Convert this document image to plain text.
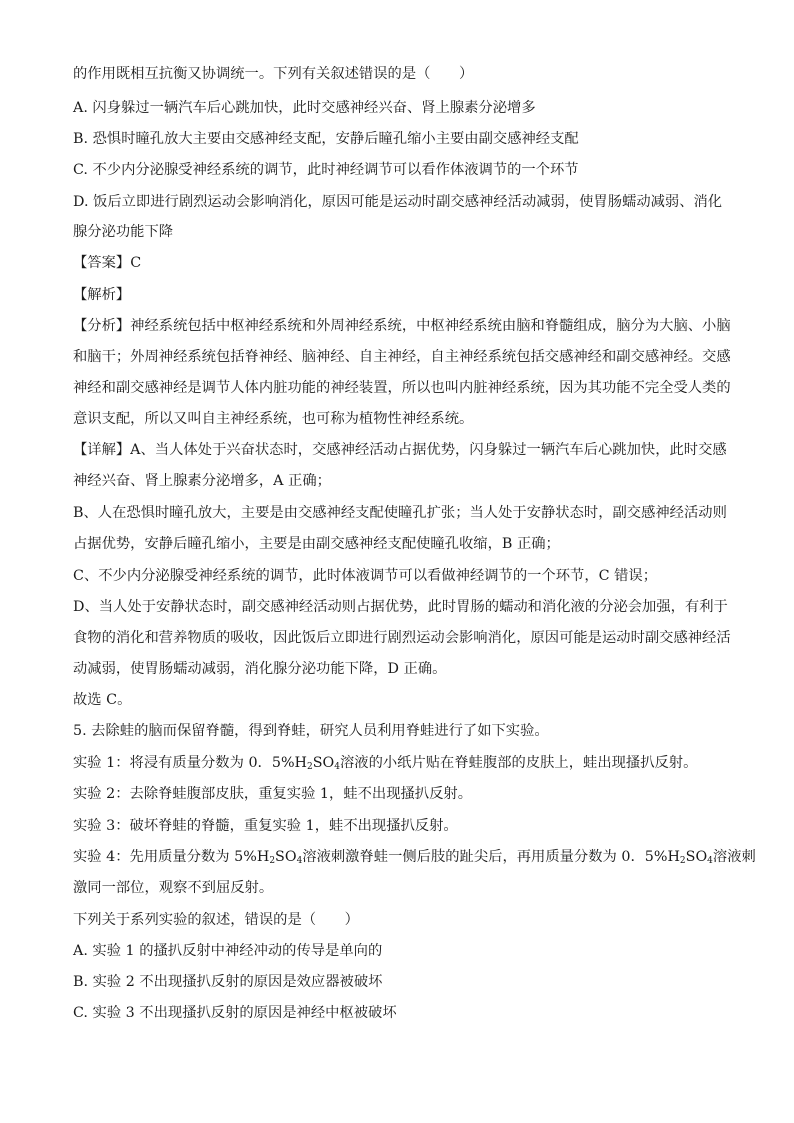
的作用既相互抗衡又协调统一。下列有关叙述错误的是（　　）
A. 闪身躲过一辆汽车后心跳加快，此时交感神经兴奋、肾上腺素分泌增多
B. 恐惧时瞳孔放大主要由交感神经支配，安静后瞳孔缩小主要由副交感神经支配
C. 不少内分泌腺受神经系统的调节，此时神经调节可以看作体液调节的一个环节
D. 饭后立即进行剧烈运动会影响消化，原因可能是运动时副交感神经活动减弱，使胃肠蠕动减弱、消化
腺分泌功能下降
【答案】C
【解析】
【分析】神经系统包括中枢神经系统和外周神经系统，中枢神经系统由脑和脊髓组成，脑分为大脑、小脑
和脑干；外周神经系统包括脊神经、脑神经、自主神经，自主神经系统包括交感神经和副交感神经。交感
神经和副交感神经是调节人体内脏功能的神经装置，所以也叫内脏神经系统，因为其功能不完全受人类的
意识支配，所以又叫自主神经系统，也可称为植物性神经系统。
【详解】A、当人体处于兴奋状态时，交感神经活动占据优势，闪身躲过一辆汽车后心跳加快，此时交感
神经兴奋、肾上腺素分泌增多，A 正确；
B、人在恐惧时瞳孔放大，主要是由交感神经支配使瞳孔扩张；当人处于安静状态时，副交感神经活动则
占据优势，安静后瞳孔缩小，主要是由副交感神经支配使瞳孔收缩，B 正确；
C、不少内分泌腺受神经系统的调节，此时体液调节可以看做神经调节的一个环节，C 错误；
D、当人处于安静状态时，副交感神经活动则占据优势，此时胃肠的蠕动和消化液的分泌会加强，有利于
食物的消化和营养物质的吸收，因此饭后立即进行剧烈运动会影响消化，原因可能是运动时副交感神经活
动减弱，使胃肠蠕动减弱，消化腺分泌功能下降，D 正确。
故选 C。
5. 去除蛙的脑而保留脊髓，得到脊蛙，研究人员利用脊蛙进行了如下实验。
实验 1：将浸有质量分数为 0．$5\%H_2SO_4$溶液的小纸片贴在脊蛙腹部的皮肤上，蛙出现搔扒反射。
实验 2：去除脊蛙腹部皮肤，重复实验 1，蛙不出现搔扒反射。
实验 3：破坏脊蛙的脊髓，重复实验 1，蛙不出现搔扒反射。
实验 4：先用质量分数为 $5\%H_2SO_4$溶液刺激脊蛙一侧后肢的趾尖后，再用质量分数为 0．$5\%H_2SO_4$溶液刺
激同一部位，观察不到屈反射。
下列关于系列实验的叙述，错误的是（　　）
A. 实验 1 的搔扒反射中神经冲动的传导是单向的
B. 实验 2 不出现搔扒反射的原因是效应器被破坏
C. 实验 3 不出现搔扒反射的原因是神经中枢被破坏
